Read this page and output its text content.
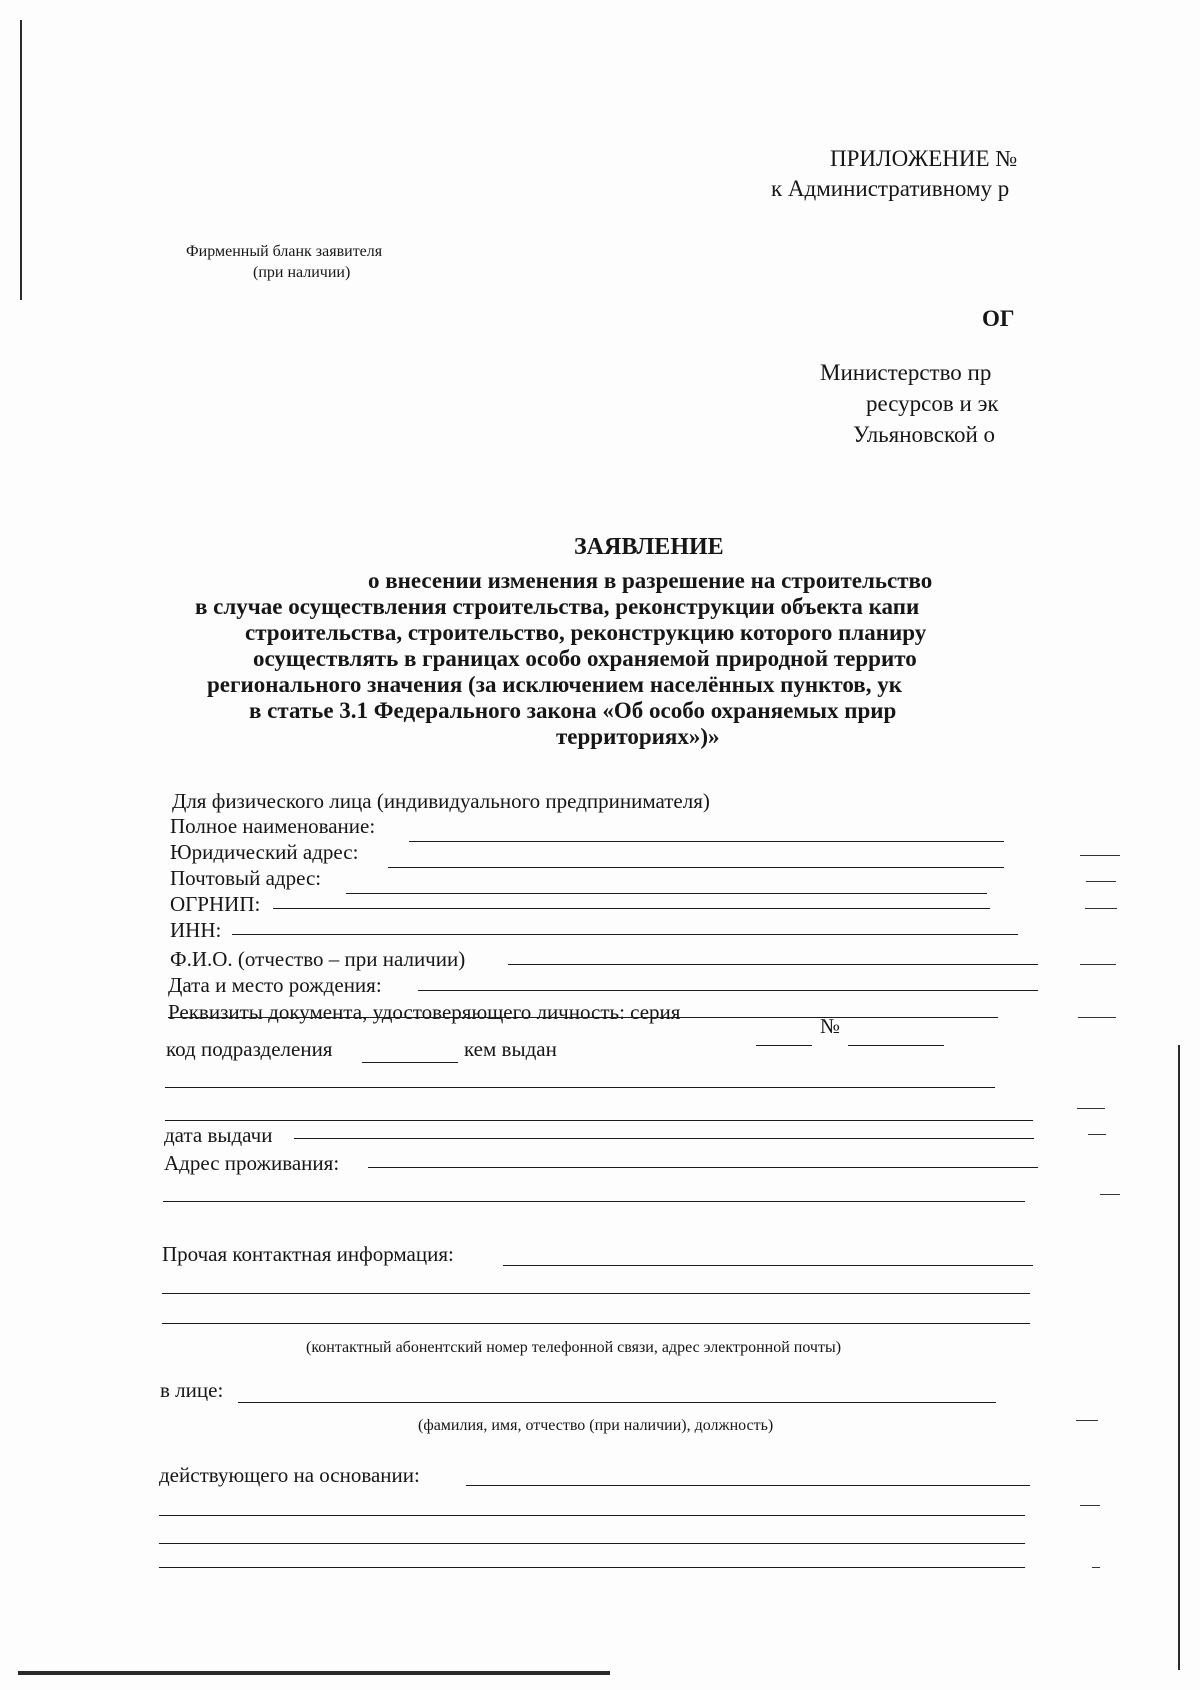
ПРИЛОЖЕНИЕ №
к Административному р
Фирменный бланк заявителя
(при наличии)
ОГ
Министерство пр
ресурсов и эк
Ульяновской о
ЗАЯВЛЕНИЕ
о внесении изменения в разрешение на строительство
в случае осуществления строительства, реконструкции объекта капи
строительства, строительство, реконструкцию которого планиру
осуществлять в границах особо охраняемой природной террито
регионального значения (за исключением населённых пунктов, ук
в статье 3.1 Федерального закона «Об особо охраняемых прир
территориях»)»
Для физического лица (индивидуального предпринимателя)
Полное наименование:
Юридический адрес:
Почтовый адрес:
ОГРНИП:
ИНН:
Ф.И.О. (отчество – при наличии)
Дата и место рождения:
Реквизиты документа, удостоверяющего личность: серия
№
код подразделения	кем выдан
дата выдачи
Адрес проживания:
Прочая контактная информация:
(контактный абонентский номер телефонной связи, адрес электронной почты)
в лице:
(фамилия, имя, отчество (при наличии), должность)
действующего на основании:
